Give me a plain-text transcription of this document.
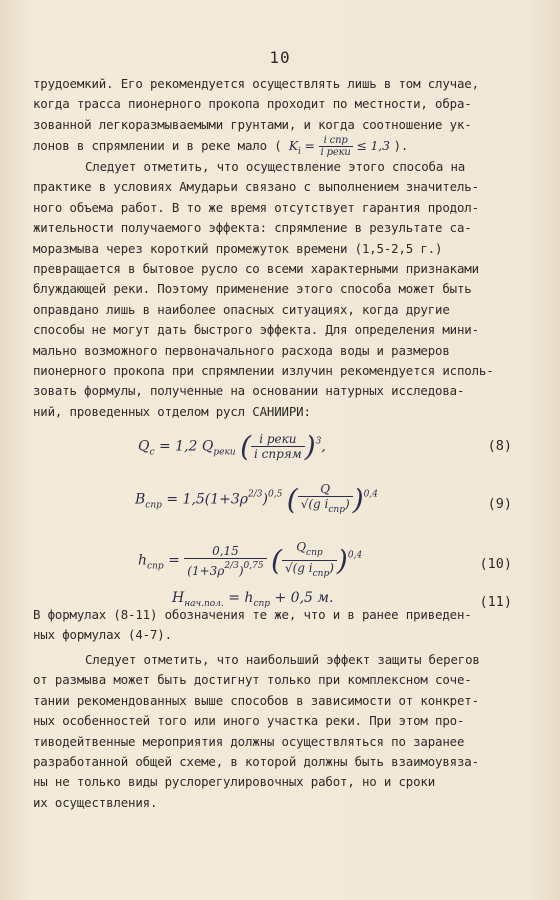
10

трудоемкий. Его рекомендуется осуществлять лишь в том случае,

когда трасса пионерного прокопа проходит по местности, обра-

зованной легкоразмываемыми грунтами, и когда соотношение ук-

лонов в спрямлении и в реке мало ( $K_i = \frac{\text{i спр}}{\text{i реки}} \le 1,3$ ).

Следует отметить, что осуществление этого способа на

практике в условиях Амударьи связано с выполнением значитель-

ного объема работ. В то же время отсутствует гарантия продол-

жительности получаемого эффекта: спрямление в результате са-

моразмыва через короткий промежуток времени (1,5-2,5 г.)

превращается в бытовое русло со всеми характерными признаками

блуждающей реки. Поэтому применение этого способа может быть

оправдано лишь в наиболее опасных ситуациях, когда другие

способы не могут дать быстрого эффекта. Для определения мини-

мально возможного первоначального расхода воды и размеров

пионерного прокопа при спрямлении излучин рекомендуется исполь-

зовать формулы, полученные на основании натурных исследова-

ний, проведенных отделом русл САНИИРИ:

$Q_c = 1,2$ $Q_{реки}$ ( $\frac{\text{i реки}}{\text{i спрям}} )^3$,	(8)
$B_{спр} = 1,5(1+3\rho^{2/3})^{0,5}$ ( $\frac{Q}{√(g i_{спр})} )^{0,4}$
(9)
$h_{спр} = \frac{0,15}{(1+3\rho^{2/3})^{0,75}}$ ( $\frac{Q_{спр}}{√(g i_{спр})} )^{0,4}$
(10)
$H_{нач.пол.} = h_{спр} + 0,5$ м.	(11)

В формулах (8-11) обозначения те же, что и в ранее приведен-

ных формулах (4-7).

Следует отметить, что наибольший эффект защиты берегов

от размыва может быть достигнут только при комплексном соче-

тании рекомендованных выше способов в зависимости от конкрет-

ных особенностей того или иного участка реки. При этом про-

тиводейтвенные мероприятия должны осуществляться по заранее

разработанной общей схеме, в которой должны быть взаимоувяза-

ны не только виды руслорегулировочных работ, но и сроки

их осуществления.
